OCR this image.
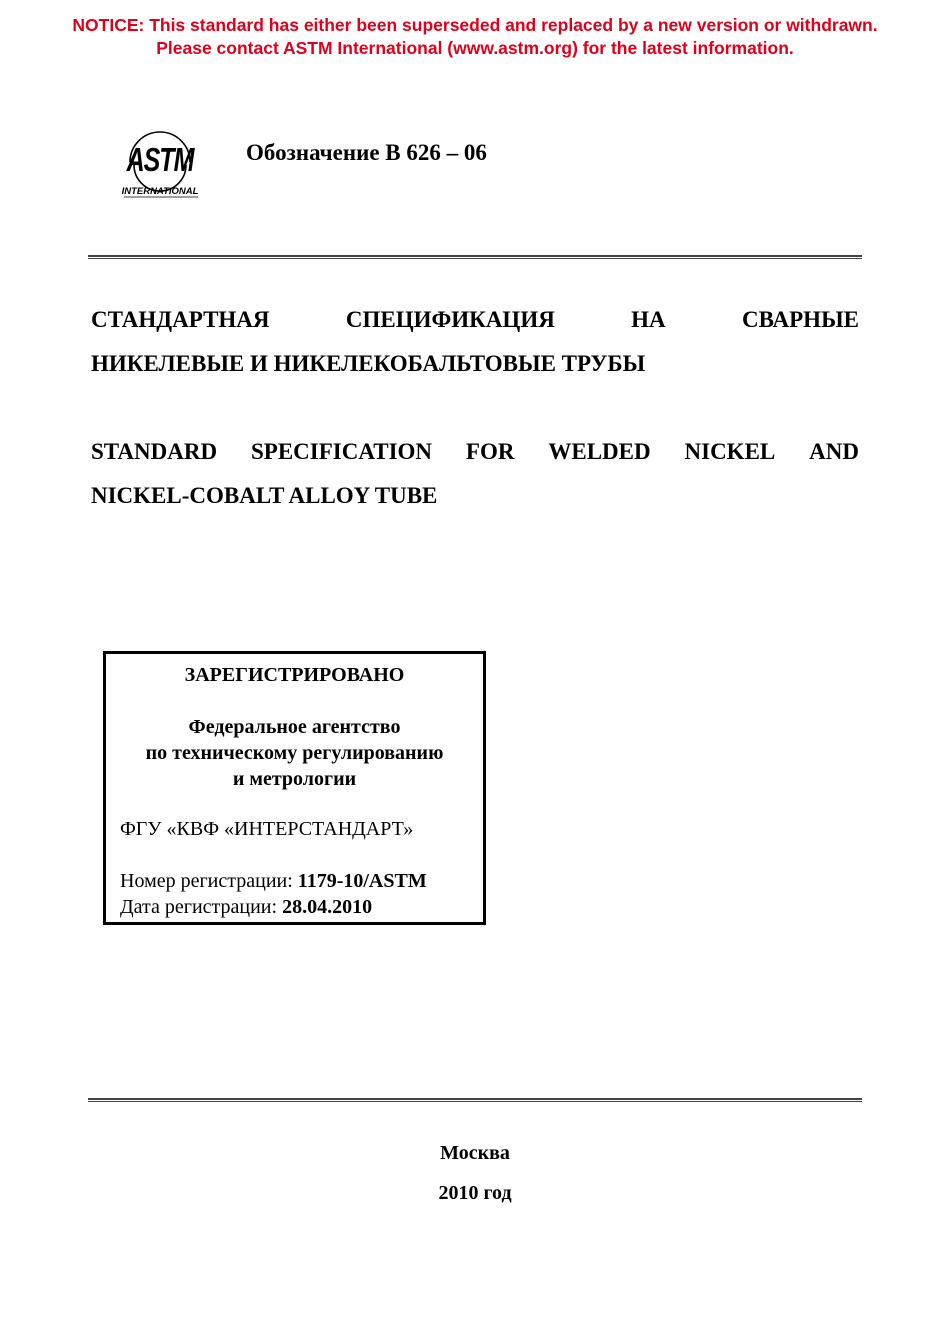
NOTICE: This standard has either been superseded and replaced by a new version or withdrawn.
Please contact ASTM International (www.astm.org) for the latest information.
ASTM
INTERNATIONAL
Обозначение B 626 – 06
СТАНДАРТНАЯ	СПЕЦИФИКАЦИЯ	НА	СВАРНЫЕ
НИКЕЛЕВЫЕ И НИКЕЛЕКОБАЛЬТОВЫЕ ТРУБЫ
STANDARD SPECIFICATION FOR WELDED NICKEL AND
NICKEL-COBALT ALLOY TUBE
ЗАРЕГИСТРИРОВАНО
Федеральное агентство
по техническому регулированию
и метрологии
ФГУ «КВФ «ИНТЕРСТАНДАРТ»
Номер регистрации: 1179-10/ASTM
Дата регистрации: 28.04.2010
Москва
2010 год
